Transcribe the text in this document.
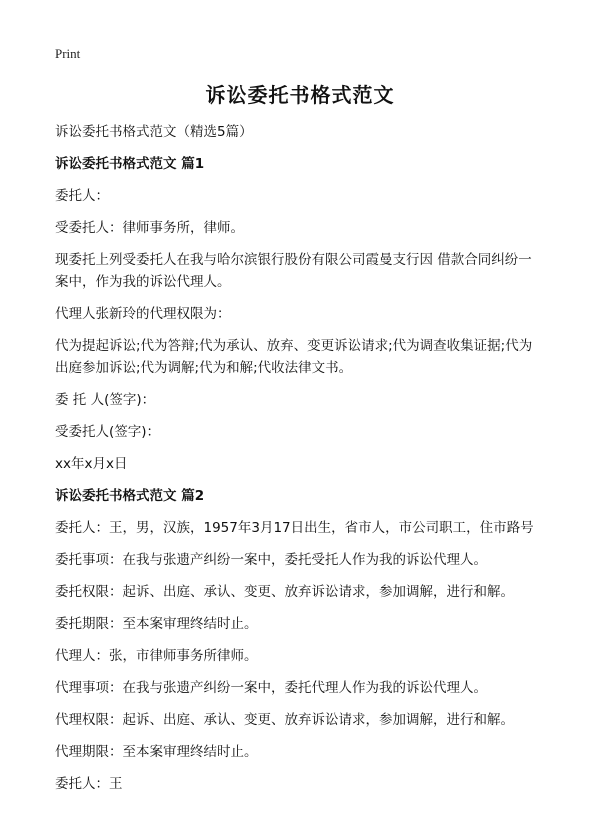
Print
诉讼委托书格式范文

诉讼委托书格式范文（精选5篇）

诉讼委托书格式范文 篇1

委托人：

受委托人：律师事务所，律师。

现委托上列受委托人在我与哈尔滨银行股份有限公司霞曼支行因 借款合同纠纷一案中，作为我的诉讼代理人。

代理人张新玲的代理权限为：

代为提起诉讼;代为答辩;代为承认、放弃、变更诉讼请求;代为调查收集证据;代为出庭参加诉讼;代为调解;代为和解;代收法律文书。

委 托 人(签字)：

受委托人(签字)：

xx年x月x日

诉讼委托书格式范文 篇2

委托人：王，男，汉族，1957年3月17日出生，省市人，市公司职工，住市路号

委托事项：在我与张遗产纠纷一案中，委托受托人作为我的诉讼代理人。

委托权限：起诉、出庭、承认、变更、放弃诉讼请求，参加调解，进行和解。

委托期限：至本案审理终结时止。

代理人：张，市律师事务所律师。

代理事项：在我与张遗产纠纷一案中，委托代理人作为我的诉讼代理人。

代理权限：起诉、出庭、承认、变更、放弃诉讼请求，参加调解，进行和解。

代理期限：至本案审理终结时止。

委托人：王
